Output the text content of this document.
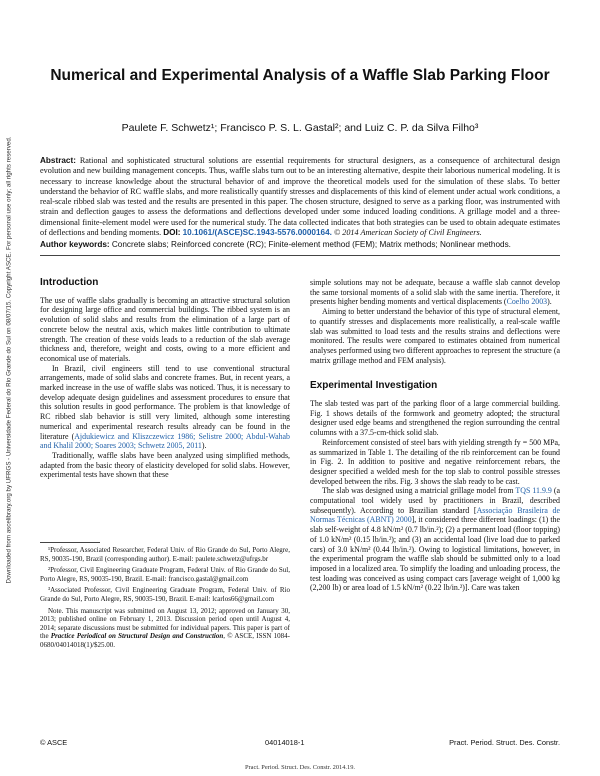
Downloaded from ascelibrary.org by UFRGS - Universidade Federal do Rio Grande do Sul on 08/07/15. Copyright ASCE. For personal use only; all rights reserved.
Numerical and Experimental Analysis of a Waffle Slab Parking Floor
Paulete F. Schwetz¹; Francisco P. S. L. Gastal²; and Luiz C. P. da Silva Filho³
Abstract: Rational and sophisticated structural solutions are essential requirements for structural designers, as a consequence of architectural design evolution and new building management concepts. Thus, waffle slabs turn out to be an interesting alternative, despite their laborious numerical modeling. It is necessary to increase knowledge about the structural behavior of and improve the theoretical models used for the simulation of these slabs. To better understand the behavior of RC waffle slabs, and more realistically quantify stresses and displacements of this kind of element under actual work conditions, a real-scale ribbed slab was tested and the results are presented in this paper. The chosen structure, designed to serve as a parking floor, was instrumented with strain and deflection gauges to assess the deformations and deflections developed under some induced loading conditions. A grillage model and a three-dimensional finite-element model were used for the numerical study. The data collected indicates that both strategies can be used to obtain adequate estimates of deflections and bending moments. DOI: 10.1061/(ASCE)SC.1943-5576.0000164. © 2014 American Society of Civil Engineers.
Author keywords: Concrete slabs; Reinforced concrete (RC); Finite-element method (FEM); Matrix methods; Nonlinear methods.
Introduction

The use of waffle slabs gradually is becoming an attractive structural solution for designing large office and commercial buildings. The ribbed system is an evolution of solid slabs and results from the elimination of a large part of concrete below the neutral axis, which makes little contribution to ultimate strength. The creation of these voids leads to a reduction of the slab average thickness and, therefore, weight and costs, owing to a more efficient and economical use of materials.

In Brazil, civil engineers still tend to use conventional structural arrangements, made of solid slabs and concrete frames. But, in recent years, a marked increase in the use of waffle slabs was noticed. Thus, it is necessary to develop adequate design guidelines and assessment procedures to ensure that this solution results in good performance. The problem is that knowledge of RC ribbed slab behavior is still very limited, although some interesting numerical and experimental research results already can be found in the literature (Ajdukiewicz and Kliszczewicz 1986; Selistre 2000; Abdul-Wahab and Khalil 2000; Soares 2003; Schwetz 2005, 2011).

Traditionally, waffle slabs have been analyzed using simplified methods, adapted from the basic theory of elasticity developed for solid slabs. However, experimental tests have shown that these

¹Professor, Associated Researcher, Federal Univ. of Rio Grande do Sul, Porto Alegre, RS, 90035-190, Brazil (corresponding author). E-mail: paulete.schwetz@ufrgs.br

²Professor, Civil Engineering Graduate Program, Federal Univ. of Rio Grande do Sul, Porto Alegre, RS, 90035-190, Brazil. E-mail: francisco.gastal@gmail.com

³Associated Professor, Civil Engineering Graduate Program, Federal Univ. of Rio Grande do Sul, Porto Alegre, RS, 90035-190, Brazil. E-mail: lcarlos66@gmail.com

Note. This manuscript was submitted on August 13, 2012; approved on January 30, 2013; published online on February 1, 2013. Discussion period open until August 4, 2014; separate discussions must be submitted for individual papers. This paper is part of the Practice Periodical on Structural Design and Construction, © ASCE, ISSN 1084-0680/04014018(1)/$25.00.

simple solutions may not be adequate, because a waffle slab cannot develop the same torsional moments of a solid slab with the same inertia. Therefore, it presents higher bending moments and vertical displacements (Coelho 2003).

Aiming to better understand the behavior of this type of structural element, to quantify stresses and displacements more realistically, a real-scale waffle slab was submitted to load tests and the results strains and deflections were monitored. The results were compared to estimates obtained from numerical analyses performed using two different approaches to represent the structure (a matrix grillage method and FEM analysis).

Experimental Investigation

The slab tested was part of the parking floor of a large commercial building. Fig. 1 shows details of the formwork and geometry adopted; the structural designer used edge beams and strengthened the region surrounding the central columns with a 37.5-cm-thick solid slab.

Reinforcement consisted of steel bars with yielding strength fy = 500 MPa, as summarized in Table 1. The detailing of the rib reinforcement can be found in Fig. 2. In addition to positive and negative reinforcement rebars, the designer specified a welded mesh for the top slab to control possible stresses developed between the ribs. Fig. 3 shows the slab ready to be cast.

The slab was designed using a matricial grillage model from TQS 11.9.9 (a computational tool widely used by practitioners in Brazil, described subsequently). According to Brazilian standard [Associação Brasileira de Normas Técnicas (ABNT) 2000], it considered three different loadings: (1) the slab self-weight of 4.8 kN/m² (0.7 lb/in.²); (2) a permanent load (floor topping) of 1.0 kN/m² (0.15 lb/in.²); and (3) an accidental load (live load due to parked cars) of 3.0 kN/m² (0.44 lb/in.²). Owing to logistical limitations, however, in the experimental program the waffle slab should be submitted only to a load imposed in a localized area. To simplify the loading and unloading process, the test loading was conceived as using compact cars [average weight of 1,000 kg (2,200 lb) or area load of 1.5 kN/m² (0.22 lb/in.²)]. Care was taken

© ASCE	04014018-1	Pract. Period. Struct. Des. Constr.
Pract. Period. Struct. Des. Constr. 2014.19.
